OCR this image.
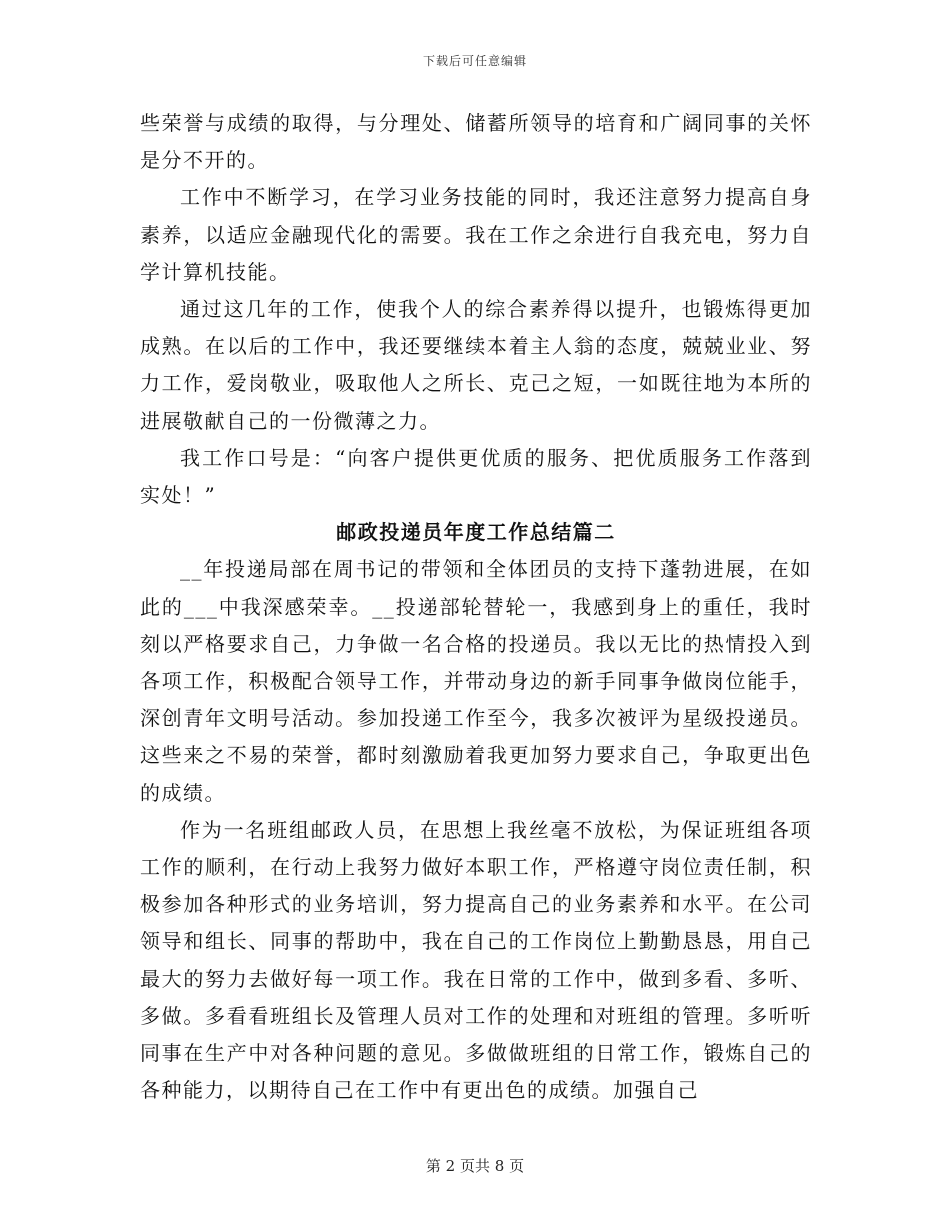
下载后可任意编辑

些荣誉与成绩的取得，与分理处、储蓄所领导的培育和广阔同事的关怀是分不开的。

工作中不断学习，在学习业务技能的同时，我还注意努力提高自身素养，以适应金融现代化的需要。我在工作之余进行自我充电，努力自学计算机技能。

通过这几年的工作，使我个人的综合素养得以提升，也锻炼得更加成熟。在以后的工作中，我还要继续本着主人翁的态度，兢兢业业、努力工作，爱岗敬业，吸取他人之所长、克己之短，一如既往地为本所的进展敬献自己的一份微薄之力。

我工作口号是：“向客户提供更优质的服务、把优质服务工作落到实处！”

邮政投递员年度工作总结篇二

__年投递局部在周书记的带领和全体团员的支持下蓬勃进展，在如此的___中我深感荣幸。__投递部轮替轮一，我感到身上的重任，我时刻以严格要求自己，力争做一名合格的投递员。我以无比的热情投入到各项工作，积极配合领导工作，并带动身边的新手同事争做岗位能手，深创青年文明号活动。参加投递工作至今，我多次被评为星级投递员。这些来之不易的荣誉，都时刻激励着我更加努力要求自己，争取更出色的成绩。

作为一名班组邮政人员，在思想上我丝毫不放松，为保证班组各项工作的顺利，在行动上我努力做好本职工作，严格遵守岗位责任制，积极参加各种形式的业务培训，努力提高自己的业务素养和水平。在公司领导和组长、同事的帮助中，我在自己的工作岗位上勤勤恳恳，用自己最大的努力去做好每一项工作。我在日常的工作中，做到多看、多听、多做。多看看班组长及管理人员对工作的处理和对班组的管理。多听听同事在生产中对各种问题的意见。多做做班组的日常工作，锻炼自己的各种能力，以期待自己在工作中有更出色的成绩。加强自己

第 2 页共 8 页
